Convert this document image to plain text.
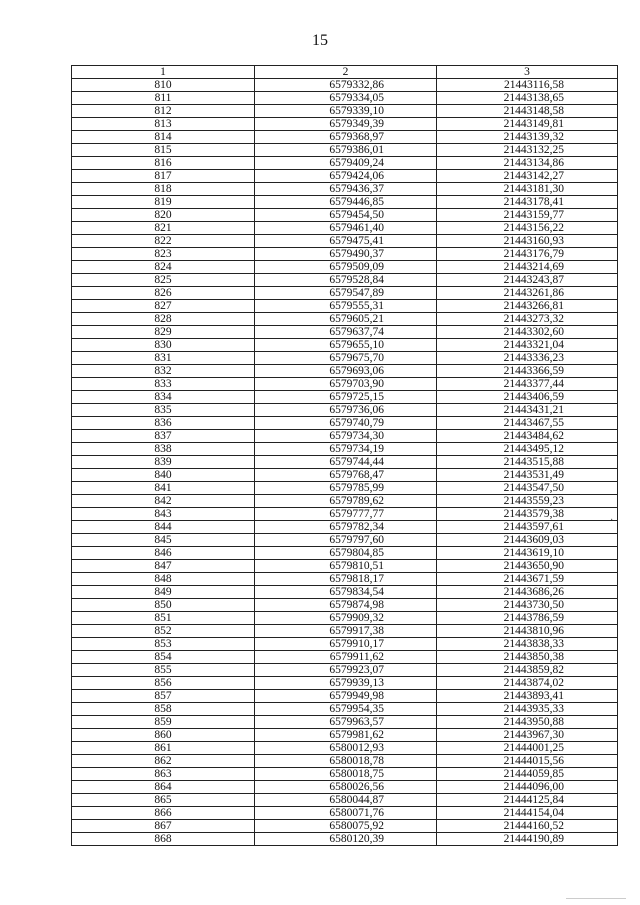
15
1	2	3
810	6579332,86	21443116,58
811	6579334,05	21443138,65
812	6579339,10	21443148,58
813	6579349,39	21443149,81
814	6579368,97	21443139,32
815	6579386,01	21443132,25
816	6579409,24	21443134,86
817	6579424,06	21443142,27
818	6579436,37	21443181,30
819	6579446,85	21443178,41
820	6579454,50	21443159,77
821	6579461,40	21443156,22
822	6579475,41	21443160,93
823	6579490,37	21443176,79
824	6579509,09	21443214,69
825	6579528,84	21443243,87
826	6579547,89	21443261,86
827	6579555,31	21443266,81
828	6579605,21	21443273,32
829	6579637,74	21443302,60
830	6579655,10	21443321,04
831	6579675,70	21443336,23
832	6579693,06	21443366,59
833	6579703,90	21443377,44
834	6579725,15	21443406,59
835	6579736,06	21443431,21
836	6579740,79	21443467,55
837	6579734,30	21443484,62
838	6579734,19	21443495,12
839	6579744,44	21443515,88
840	6579768,47	21443531,49
841	6579785,99	21443547,50
842	6579789,62	21443559,23
843	6579777,77	21443579,38
844	6579782,34	21443597,61
845	6579797,60	21443609,03
846	6579804,85	21443619,10
847	6579810,51	21443650,90
848	6579818,17	21443671,59
849	6579834,54	21443686,26
850	6579874,98	21443730,50
851	6579909,32	21443786,59
852	6579917,38	21443810,96
853	6579910,17	21443838,33
854	6579911,62	21443850,38
855	6579923,07	21443859,82
856	6579939,13	21443874,02
857	6579949,98	21443893,41
858	6579954,35	21443935,33
859	6579963,57	21443950,88
860	6579981,62	21443967,30
861	6580012,93	21444001,25
862	6580018,78	21444015,56
863	6580018,75	21444059,85
864	6580026,56	21444096,00
865	6580044,87	21444125,84
866	6580071,76	21444154,04
867	6580075,92	21444160,52
868	6580120,39	21444190,89
·
